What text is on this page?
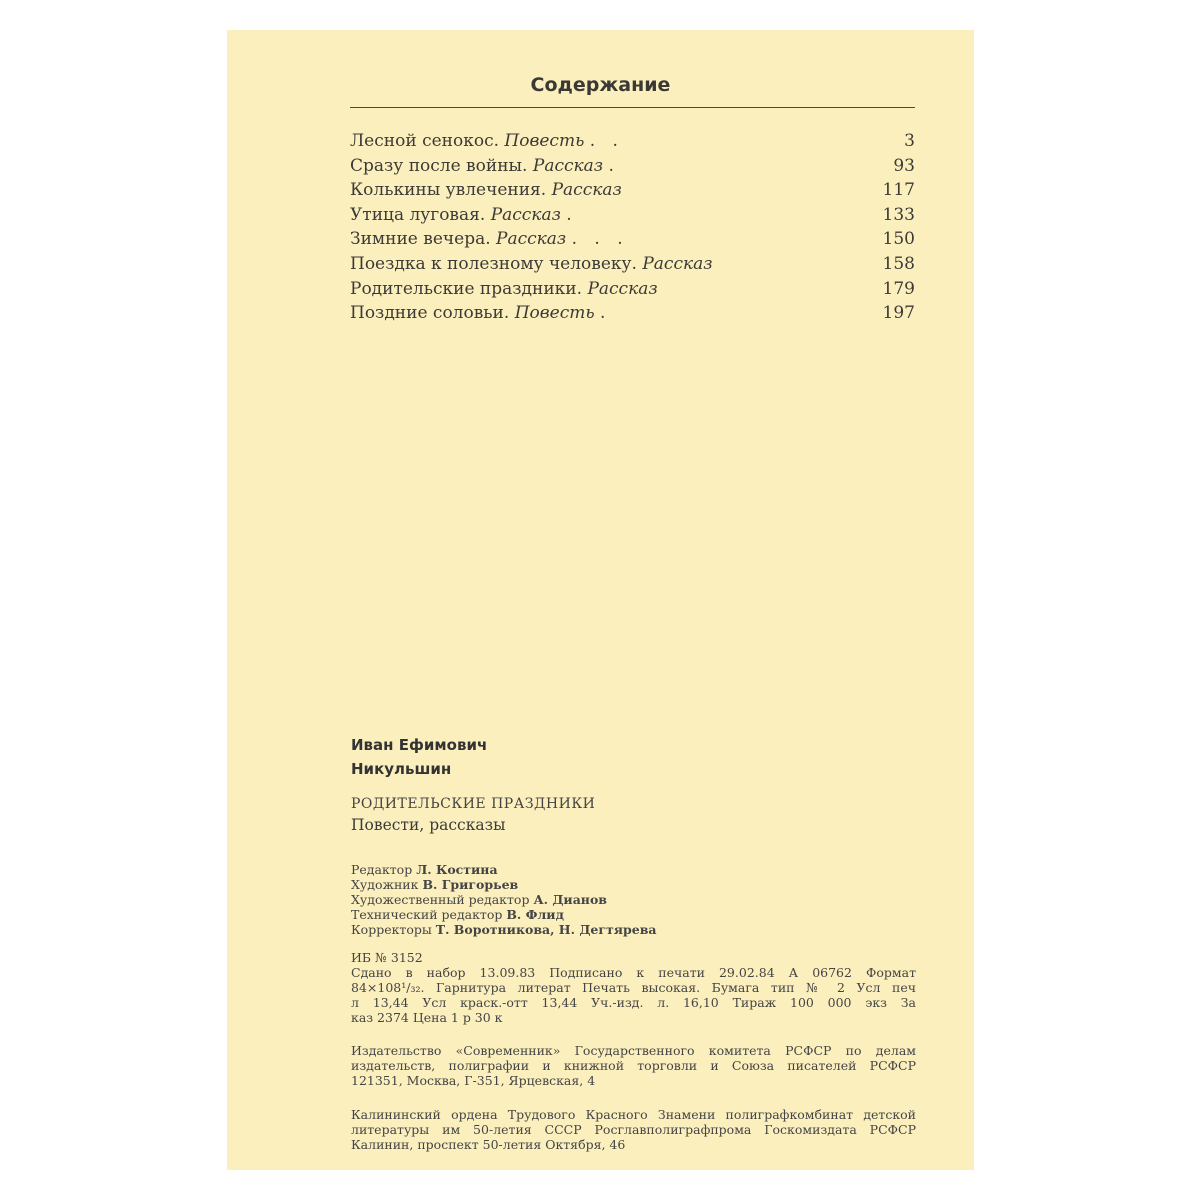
Содержание
Лесной сенокос. Повесть . .	3
Сразу после войны. Рассказ .	93
Колькины увлечения. Рассказ	117
Утица луговая. Рассказ .	133
Зимние вечера. Рассказ . . .	150
Поездка к полезному человеку. Рассказ	158
Родительские праздники. Рассказ	179
Поздние соловьи. Повесть .	197
Иван Ефимович
Никульшин
РОДИТЕЛЬСКИЕ ПРАЗДНИКИ
Повести, рассказы
Редактор Л. Костина
Художник В. Григорьев
Художественный редактор А. Дианов
Технический редактор В. Флид
Корректоры Т. Воротникова, Н. Дегтярева
ИБ № 3152

Сдано в набор 13.09.83 Подписано к печати 29.02.84 А 06762 Формат

84×108¹/₃₂. Гарнитура литерат Печать высокая. Бумага тип № 2 Усл печ

л 13,44 Усл краск.-отт 13,44 Уч.-изд. л. 16,10 Тираж 100 000 экз За

каз 2374 Цена 1 р 30 к

Издательство «Современник» Государственного комитета РСФСР по делам

издательств, полиграфии и книжной торговли и Союза писателей РСФСР

121351, Москва, Г-351, Ярцевская, 4

Калининский ордена Трудового Красного Знамени полиграфкомбинат детской

литературы им 50-летия СССР Росглавполиграфпрома Госкомиздата РСФСР

Калинин, проспект 50-летия Октября, 46
